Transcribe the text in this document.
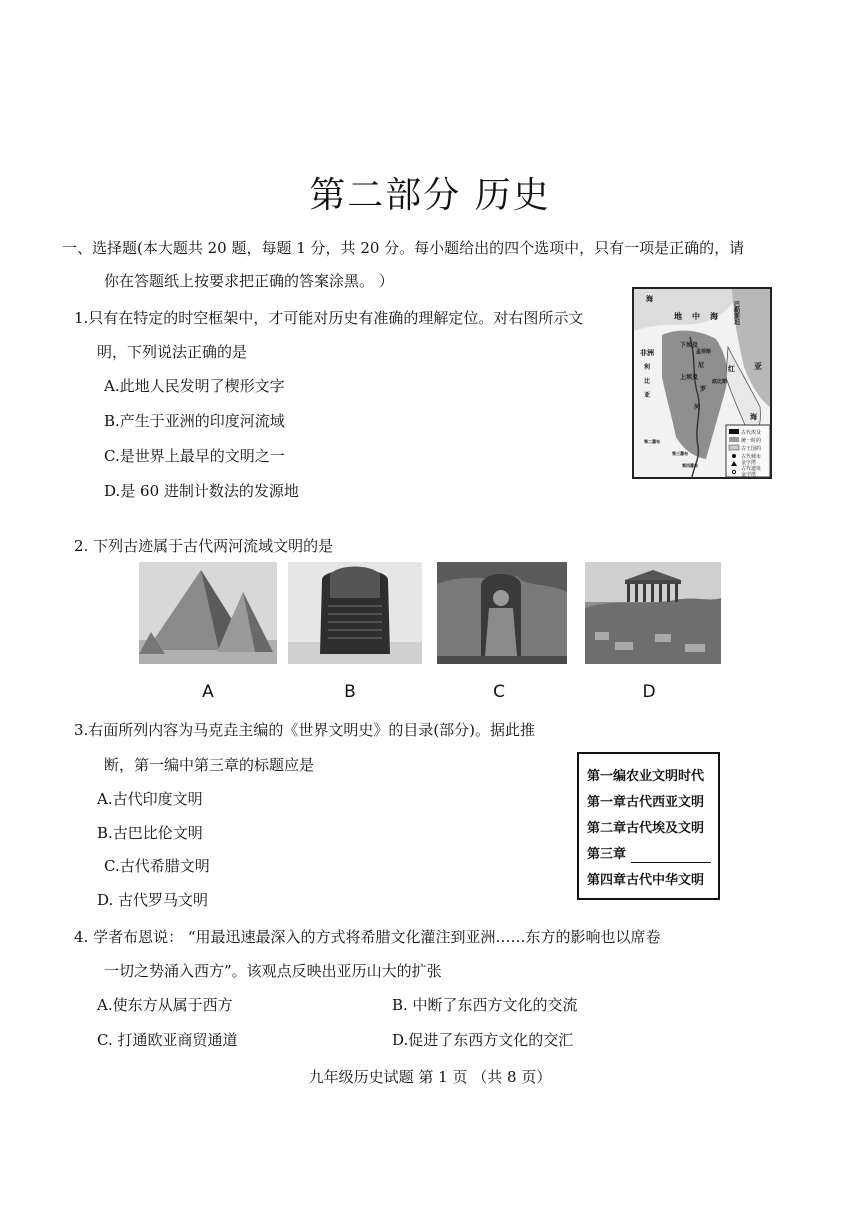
第二部分 历史
一、选择题(本大题共 20 题，每题 1 分，共 20 分。每小题给出的四个选项中，只有一项是正确的，请
你在答题纸上按要求把正确的答案涂黑。 ）
1.只有在特定的时空框架中，才可能对历史有准确的理解定位。对右图所示文
明，下列说法正确的是
A.此地人民发明了楔形文字
B.产生于亚洲的印度河流域
C.是世界上最早的文明之一
D.是 60 进制计数法的发源地
古代埃及
统一时的
古王国的
古代城市
金字塔
古代遗址
金字塔
海
地 中 海 巴勒斯坦
下埃及
孟菲斯
非洲
利
比
亚
尼
上埃及
红
底比斯
罗
河
海
亚
第二瀑布
第三瀑布
第四瀑布
2. 下列古迹属于古代两河流域文明的是
A	B	C	D
3.右面所列内容为马克垚主编的《世界文明史》的目录(部分)。据此推
断，第一编中第三章的标题应是
A.古代印度文明
B.古巴比伦文明
C.古代希腊文明
D. 古代罗马文明
第一编农业文明时代
第一章古代西亚文明
第二章古代埃及文明
第三章
第四章古代中华文明
4. 学者布恩说： “用最迅速最深入的方式将希腊文化灌注到亚洲……东方的影响也以席卷
一切之势涌入西方”。该观点反映出亚历山大的扩张
A.使东方从属于西方	B. 中断了东西方文化的交流
C. 打通欧亚商贸通道	D.促进了东西方文化的交汇
九年级历史试题 第 1 页 （共 8 页）
